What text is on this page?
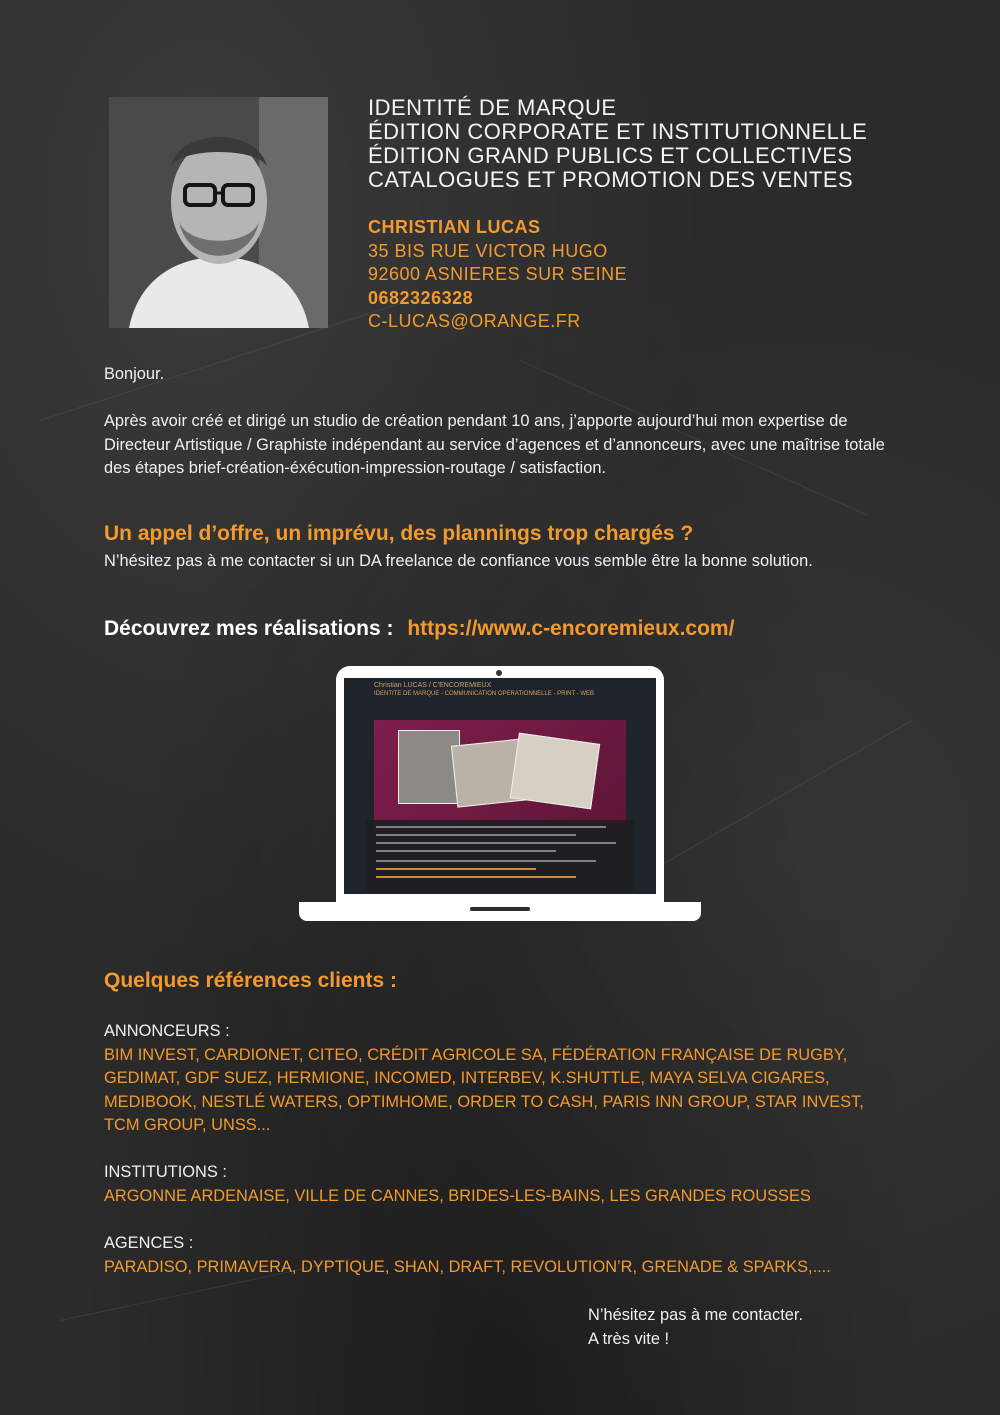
IDENTITÉ DE MARQUE
ÉDITION CORPORATE ET INSTITUTIONNELLE
ÉDITION GRAND PUBLICS ET COLLECTIVES
CATALOGUES ET PROMOTION DES VENTES
CHRISTIAN LUCAS
35 BIS RUE VICTOR HUGO
92600 ASNIERES SUR SEINE
0682326328
C-LUCAS@ORANGE.FR
Bonjour.
Après avoir créé et dirigé un studio de création pendant 10 ans, j’apporte aujourd’hui mon expertise de Directeur Artistique / Graphiste indépendant au service d’agences et d’annonceurs, avec une maîtrise totale des étapes brief-création-éxécution-impression-routage / satisfaction.
Un appel d’offre, un imprévu, des plannings trop chargés ?
N’hésitez pas à me contacter si un DA freelance de confiance vous semble être la bonne solution.
Découvrez mes réalisations : https://www.c-encoremieux.com/
Christian LUCAS / C'ENCOREMIEUX
IDENTITE DE MARQUE - COMMUNICATION OPERATIONNELLE - PRINT - WEB
Quelques références clients :
ANNONCEURS :
BIM INVEST, CARDIONET, CITEO, CRÉDIT AGRICOLE SA, FÉDÉRATION FRANÇAISE DE RUGBY, GEDIMAT, GDF SUEZ, HERMIONE, INCOMED, INTERBEV, K.SHUTTLE, MAYA SELVA CIGARES, MEDIBOOK, NESTLÉ WATERS, OPTIMHOME, ORDER TO CASH, PARIS INN GROUP, STAR INVEST, TCM GROUP, UNSS...
INSTITUTIONS :
ARGONNE ARDENAISE, VILLE DE CANNES, BRIDES-LES-BAINS, LES GRANDES ROUSSES
AGENCES :
PARADISO, PRIMAVERA, DYPTIQUE, SHAN, DRAFT, REVOLUTION’R, GRENADE & SPARKS,....
N’hésitez pas à me contacter.
A très vite !
